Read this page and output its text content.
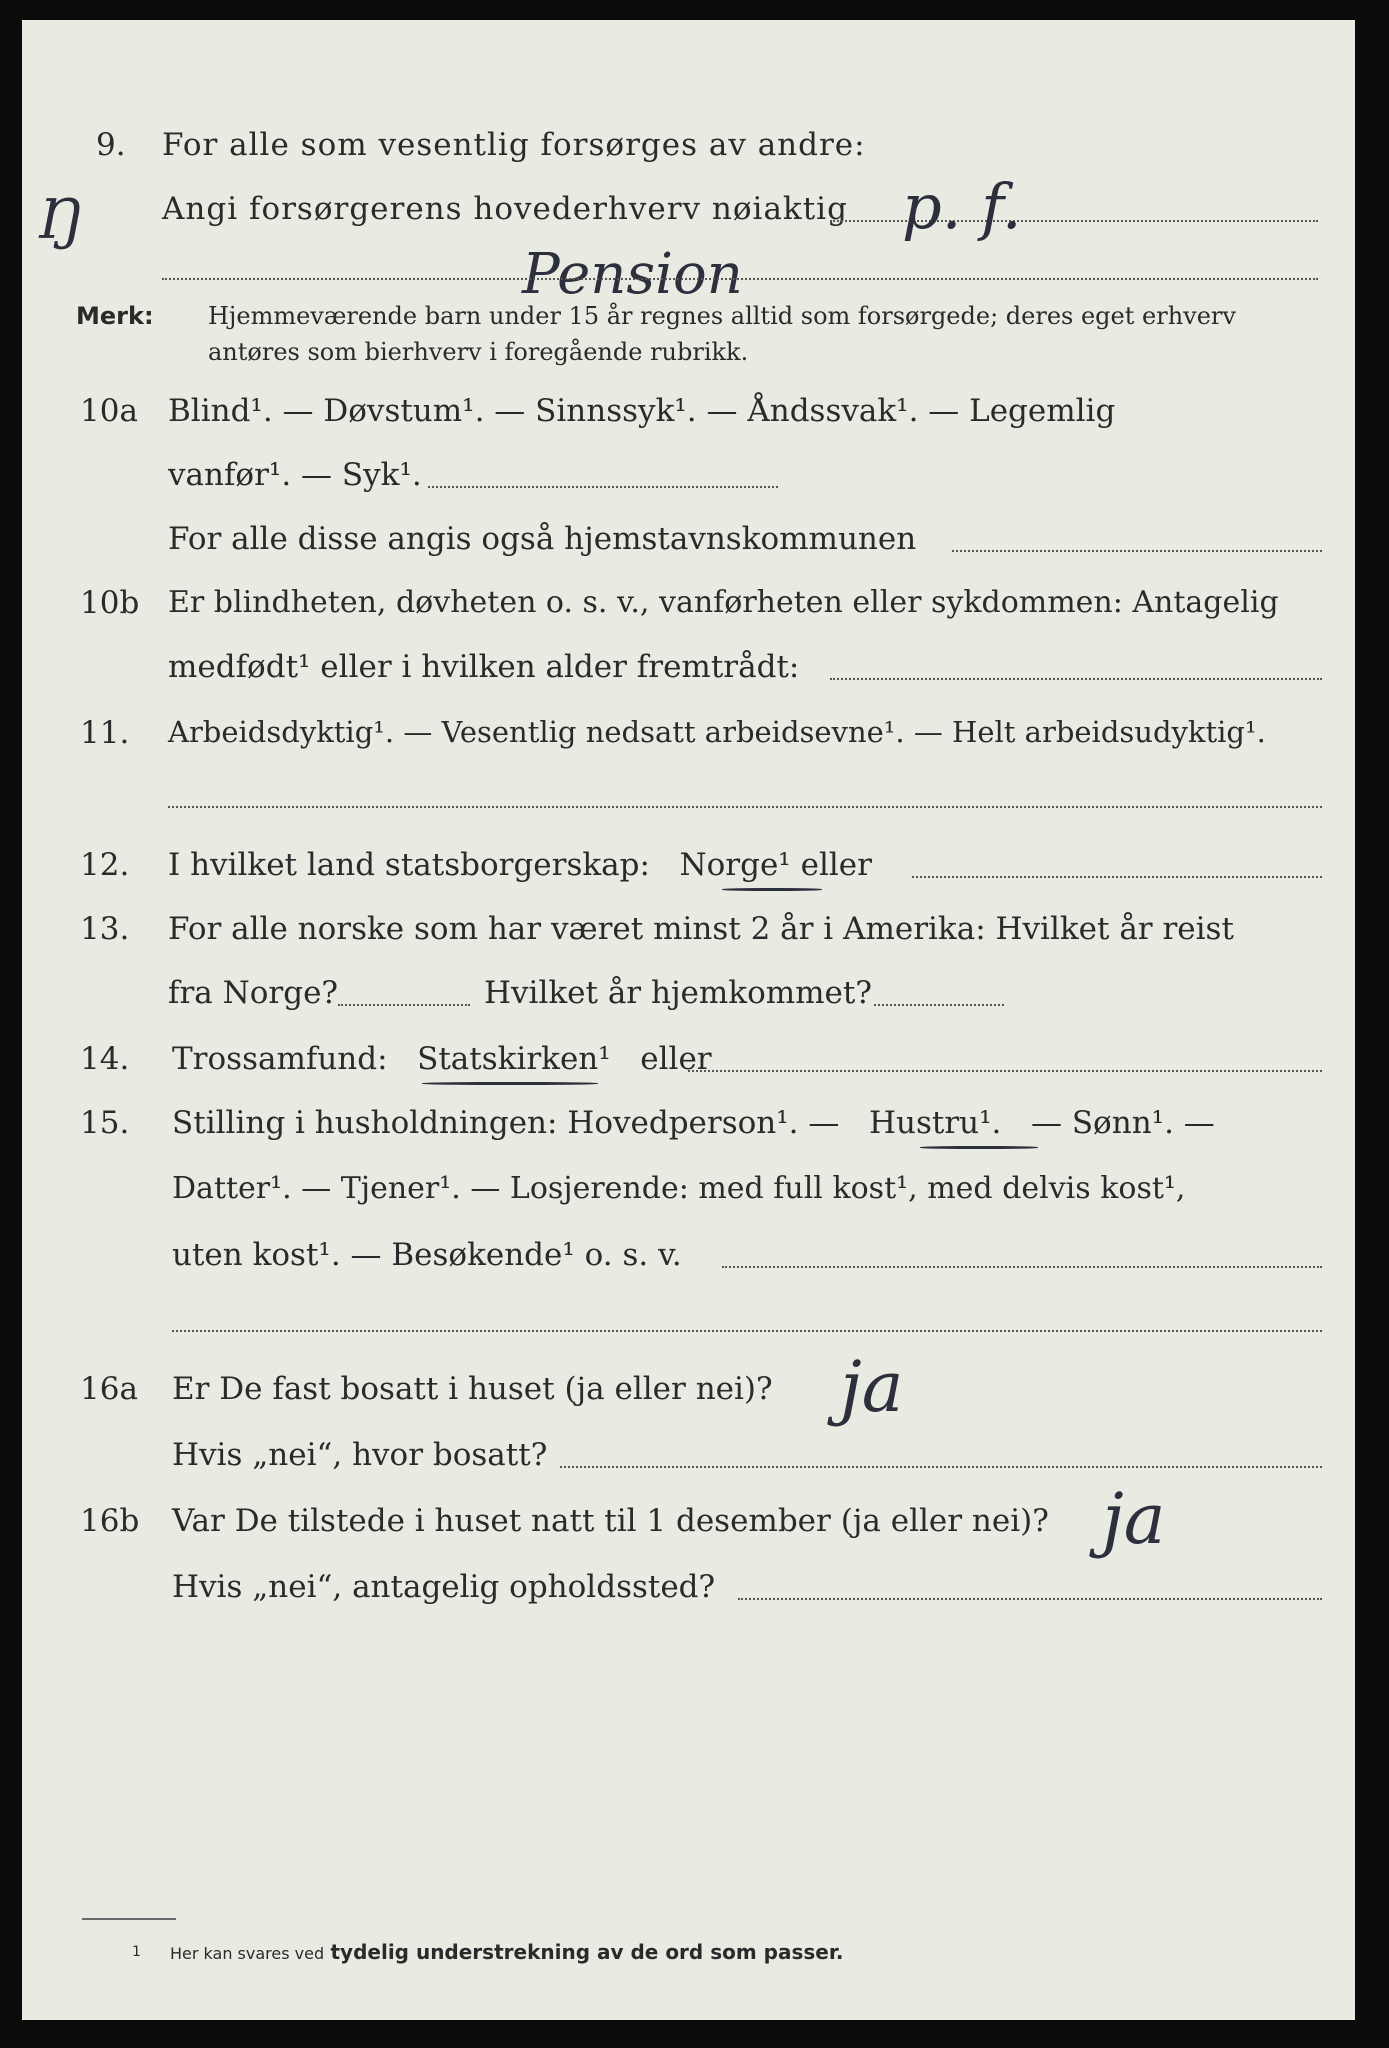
9. For alle som vesentlig forsørges av andre:
Ŋ	Angi forsørgerens hovederhverv nøiaktig p. f.
Pension
Merk: Hjemmeværende barn under 15 år regnes alltid som forsørgede; deres eget erhverv
antøres som bierhverv i foregående rubrikk.
10a Blind¹. — Døvstum¹. — Sinnssyk¹. — Åndssvak¹. — Legemlig
vanfør¹. — Syk¹.
For alle disse angis også hjemstavnskommunen
10b Er blindheten, døvheten o. s. v., vanførheten eller sykdommen: Antagelig
medfødt¹ eller i hvilken alder fremtrådt:
11. Arbeidsdyktig¹. — Vesentlig nedsatt arbeidsevne¹. — Helt arbeidsudyktig¹.
12. I hvilket land statsborgerskap: Norge¹ eller
13. For alle norske som har været minst 2 år i Amerika: Hvilket år reist
fra Norge?	Hvilket år hjemkommet?
14. Trossamfund: Statskirken¹ eller
15. Stilling i husholdningen: Hovedperson¹. — Hustru¹. — Sønn¹. —
Datter¹. — Tjener¹. — Losjerende: med full kost¹, med delvis kost¹,
uten kost¹. — Besøkende¹ o. s. v.
16a Er De fast bosatt i huset (ja eller nei)? ja
Hvis „nei“, hvor bosatt?
16b Var De tilstede i huset natt til 1 desember (ja eller nei)? ja
Hvis „nei“, antagelig opholdssted?
1 Her kan svares ved tydelig understrekning av de ord som passer.
